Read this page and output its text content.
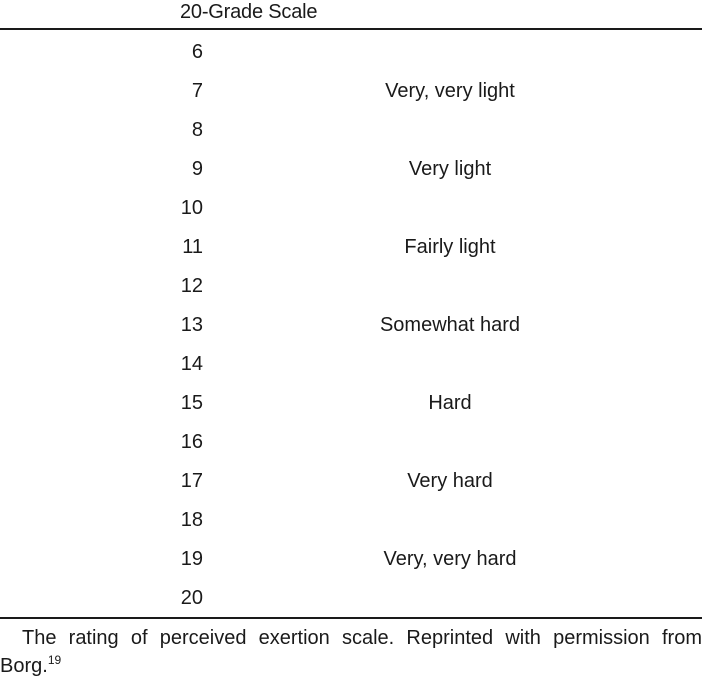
20-Grade Scale
6
7	Very, very light
8
9	Very light
10
11	Fairly light
12
13	Somewhat hard
14
15	Hard
16
17	Very hard
18
19	Very, very hard
20
The rating of perceived exertion scale. Reprinted with permission from Borg.$^{19}$
